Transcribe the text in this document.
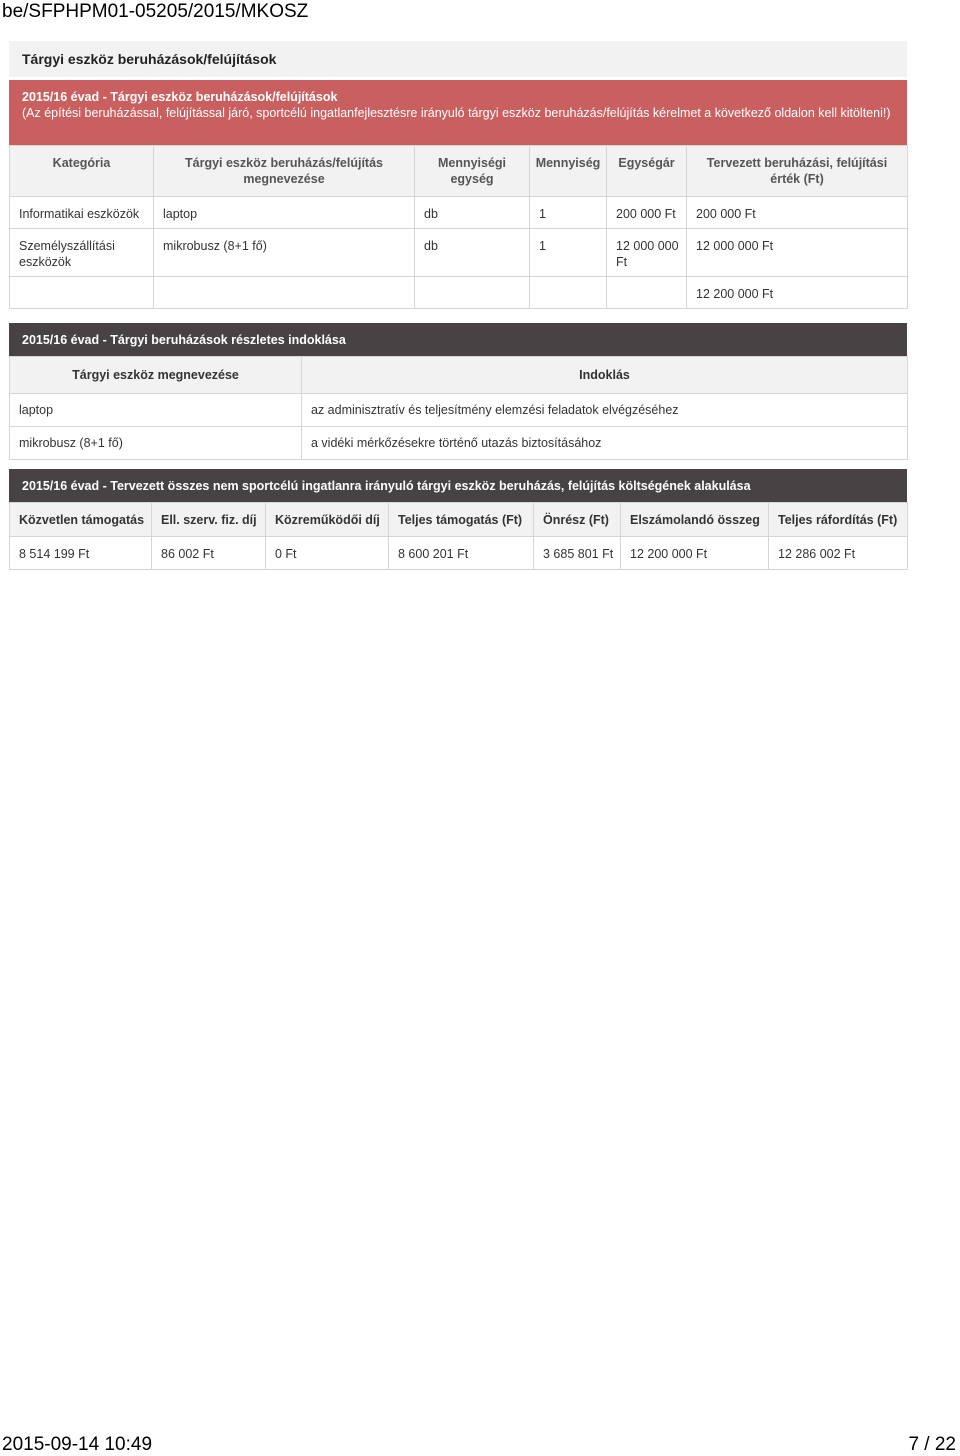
be/SFPHPM01-05205/2015/MKOSZ
Tárgyi eszköz beruházások/felújítások
2015/16 évad - Tárgyi eszköz beruházások/felújítások
(Az építési beruházással, felújítással járó, sportcélú ingatlanfejlesztésre irányuló tárgyi eszköz beruházás/felújítás kérelmet a következő oldalon kell kitölteni!)
Kategória	Tárgyi eszköz beruházás/felújítás megnevezése	Mennyiségi egység	Mennyiség	Egységár	Tervezett beruházási, felújítási érték (Ft)
Informatikai eszközök	laptop	db	1	200 000 Ft	200 000 Ft
Személyszállítási eszközök	mikrobusz (8+1 fő)	db	1	12 000 000 Ft	12 000 000 Ft
					12 200 000 Ft
2015/16 évad - Tárgyi beruházások részletes indoklása
Tárgyi eszköz megnevezése	Indoklás
laptop	az adminisztratív és teljesítmény elemzési feladatok elvégzéséhez
mikrobusz (8+1 fő)	a vidéki mérkőzésekre történő utazás biztosításához
2015/16 évad - Tervezett összes nem sportcélú ingatlanra irányuló tárgyi eszköz beruházás, felújítás költségének alakulása
Közvetlen támogatás	Ell. szerv. fiz. díj	Közreműködői díj	Teljes támogatás (Ft)	Önrész (Ft)	Elszámolandó összeg	Teljes ráfordítás (Ft)
8 514 199 Ft	86 002 Ft	0 Ft	8 600 201 Ft	3 685 801 Ft	12 200 000 Ft	12 286 002 Ft
2015-09-14 10:49	7 / 22
